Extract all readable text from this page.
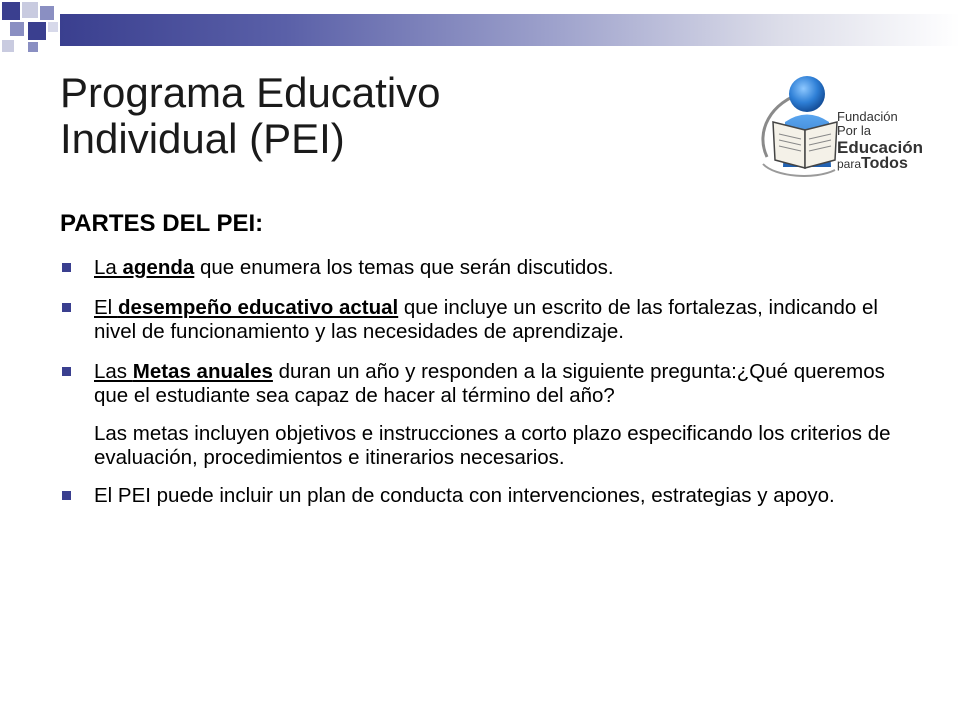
Programa Educativo
Individual (PEI)	Fundación
Por la
Educación
paraTodos

PARTES DEL PEI:

La agenda que enumera los temas que serán discutidos.
El desempeño educativo actual que incluye un escrito de las fortalezas, indicando el nivel de funcionamiento y las necesidades de aprendizaje.
Las Metas anuales duran un año y responden a la siguiente pregunta:¿Qué queremos que el estudiante sea capaz de hacer al término del año?

Las metas incluyen objetivos e instrucciones a corto plazo especificando los criterios de evaluación, procedimientos e itinerarios necesarios.

El PEI puede incluir un plan de conducta con intervenciones, estrategias y apoyo.
